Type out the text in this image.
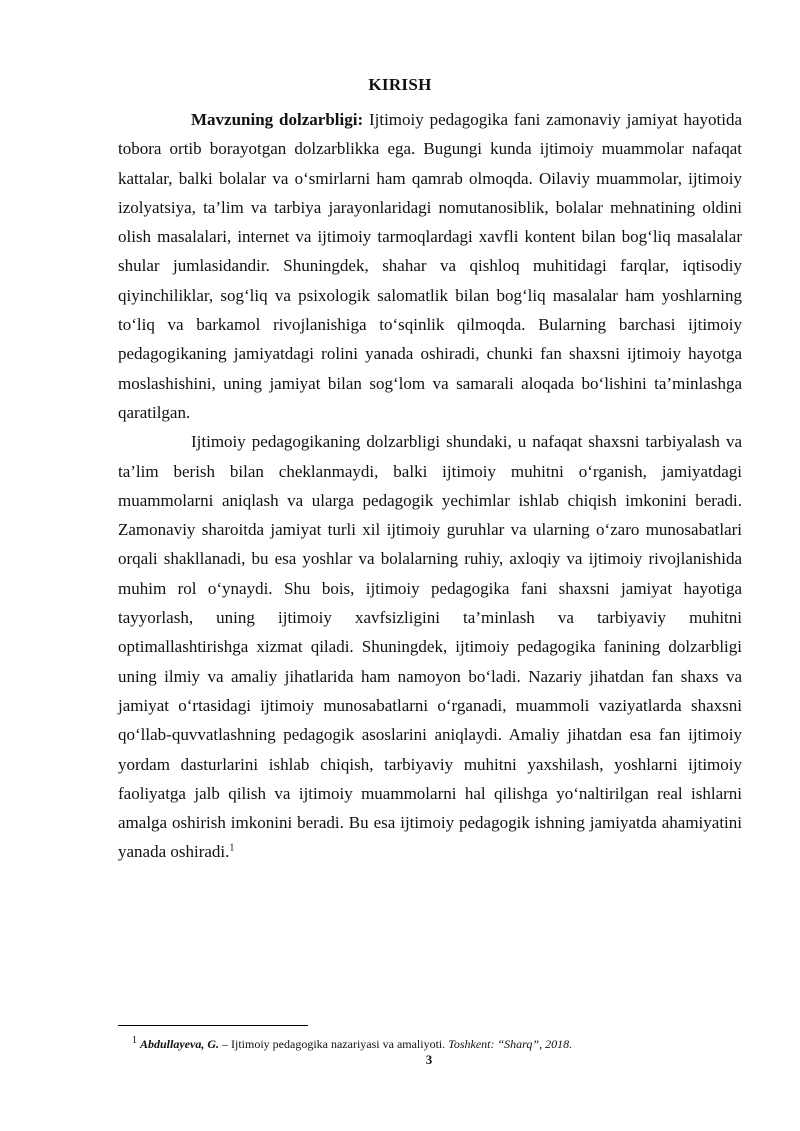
KIRISH

Mavzuning dolzarbligi: Ijtimoiy pedagogika fani zamonaviy jamiyat hayotida tobora ortib borayotgan dolzarblikka ega. Bugungi kunda ijtimoiy muammolar nafaqat kattalar, balki bolalar va o‘smirlarni ham qamrab olmoqda. Oilaviy muammolar, ijtimoiy izolyatsiya, ta’lim va tarbiya jarayonlaridagi nomutanosiblik, bolalar mehnatining oldini olish masalalari, internet va ijtimoiy tarmoqlardagi xavfli kontent bilan bog‘liq masalalar shular jumlasidandir. Shuningdek, shahar va qishloq muhitidagi farqlar, iqtisodiy qiyinchiliklar, sog‘liq va psixologik salomatlik bilan bog‘liq masalalar ham yoshlarning to‘liq va barkamol rivojlanishiga to‘sqinlik qilmoqda. Bularning barchasi ijtimoiy pedagogikaning jamiyatdagi rolini yanada oshiradi, chunki fan shaxsni ijtimoiy hayotga moslashishini, uning jamiyat bilan sog‘lom va samarali aloqada bo‘lishini ta’minlashga qaratilgan.

Ijtimoiy pedagogikaning dolzarbligi shundaki, u nafaqat shaxsni tarbiyalash va ta’lim berish bilan cheklanmaydi, balki ijtimoiy muhitni o‘rganish, jamiyatdagi muammolarni aniqlash va ularga pedagogik yechimlar ishlab chiqish imkonini beradi. Zamonaviy sharoitda jamiyat turli xil ijtimoiy guruhlar va ularning o‘zaro munosabatlari orqali shakllanadi, bu esa yoshlar va bolalarning ruhiy, axloqiy va ijtimoiy rivojlanishida muhim rol o‘ynaydi. Shu bois, ijtimoiy pedagogika fani shaxsni jamiyat hayotiga tayyorlash, uning ijtimoiy xavfsizligini ta’minlash va tarbiyaviy muhitni optimallashtirishga xizmat qiladi. Shuningdek, ijtimoiy pedagogika fanining dolzarbligi uning ilmiy va amaliy jihatlarida ham namoyon bo‘ladi. Nazariy jihatdan fan shaxs va jamiyat o‘rtasidagi ijtimoiy munosabatlarni o‘rganadi, muammoli vaziyatlarda shaxsni qo‘llab-quvvatlashning pedagogik asoslarini aniqlaydi. Amaliy jihatdan esa fan ijtimoiy yordam dasturlarini ishlab chiqish, tarbiyaviy muhitni yaxshilash, yoshlarni ijtimoiy faoliyatga jalb qilish va ijtimoiy muammolarni hal qilishga yo‘naltirilgan real ishlarni amalga oshirish imkonini beradi. Bu esa ijtimoiy pedagogik ishning jamiyatda ahamiyatini yanada oshiradi.$^1$

$^1$ Abdullayeva, G. – Ijtimoiy pedagogika nazariyasi va amaliyoti. Toshkent: “Sharq”, 2018.
3
